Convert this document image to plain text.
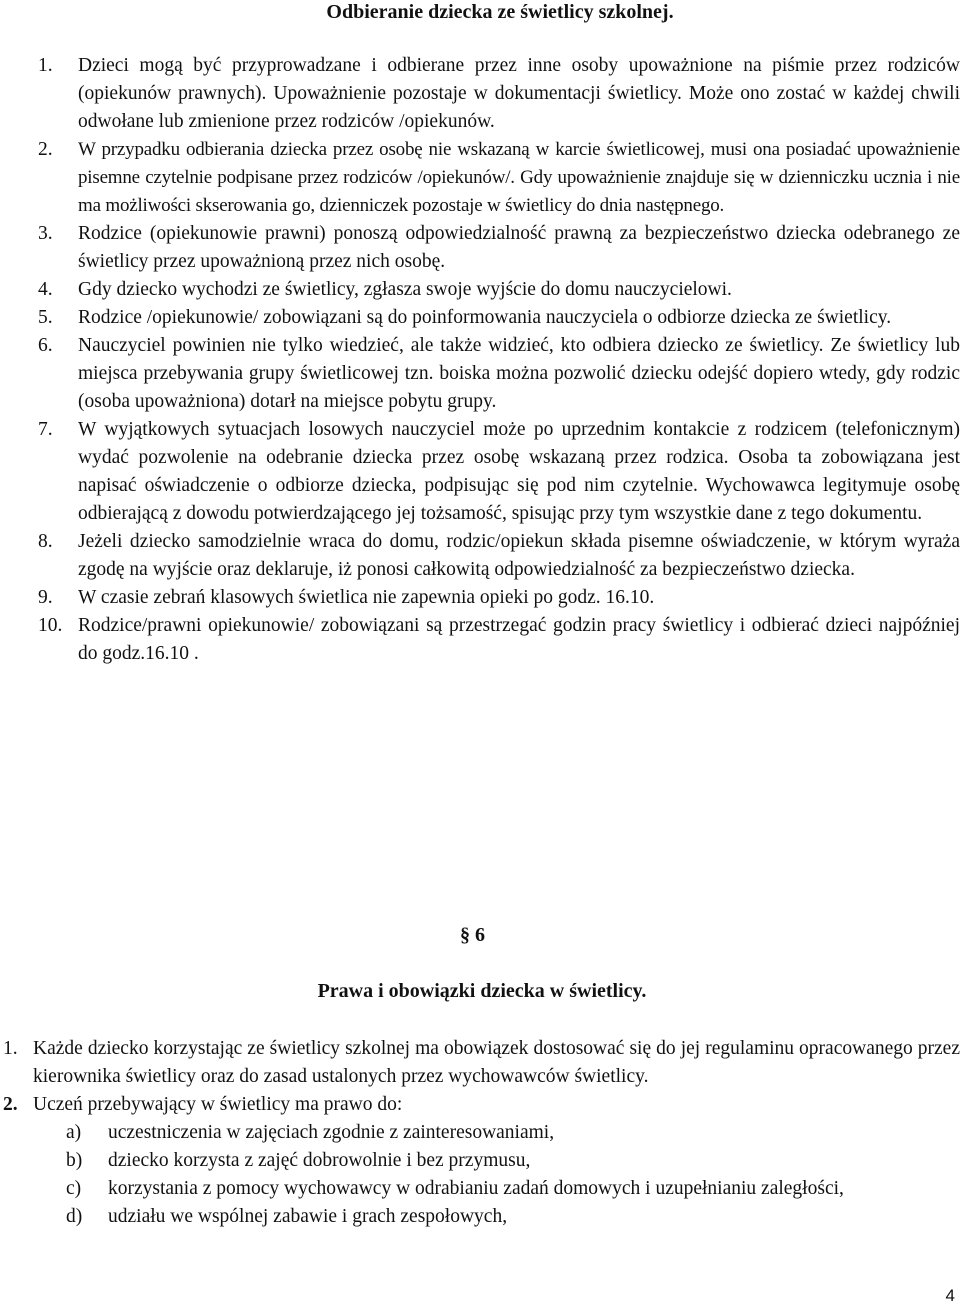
Odbieranie dziecka ze świetlicy szkolnej.
1. Dzieci mogą być przyprowadzane i odbierane przez inne osoby upoważnione na piśmie przez rodziców (opiekunów prawnych). Upoważnienie pozostaje w dokumentacji świetlicy. Może ono zostać w każdej chwili odwołane lub zmienione przez rodziców /opiekunów.
2. W przypadku odbierania dziecka przez osobę nie wskazaną w karcie świetlicowej, musi ona posiadać upoważnienie pisemne czytelnie podpisane przez rodziców /opiekunów/. Gdy upoważnienie znajduje się w dzienniczku ucznia i nie ma możliwości skserowania go, dzienniczek pozostaje w świetlicy do dnia następnego.
3. Rodzice (opiekunowie prawni) ponoszą odpowiedzialność prawną za bezpieczeństwo dziecka odebranego ze świetlicy przez upoważnioną przez nich osobę.
4. Gdy dziecko wychodzi ze świetlicy, zgłasza swoje wyjście do domu nauczycielowi.
5. Rodzice /opiekunowie/ zobowiązani są do poinformowania nauczyciela o odbiorze dziecka ze świetlicy.
6. Nauczyciel powinien nie tylko wiedzieć, ale także widzieć, kto odbiera dziecko ze świetlicy. Ze świetlicy lub miejsca przebywania grupy świetlicowej tzn. boiska można pozwolić dziecku odejść dopiero wtedy, gdy rodzic (osoba upoważniona) dotarł na miejsce pobytu grupy.
7. W wyjątkowych sytuacjach losowych nauczyciel może po uprzednim kontakcie z rodzicem (telefonicznym) wydać pozwolenie na odebranie dziecka przez osobę wskazaną przez rodzica. Osoba ta zobowiązana jest napisać oświadczenie o odbiorze dziecka, podpisując się pod nim czytelnie. Wychowawca legitymuje osobę odbierającą z dowodu potwierdzającego jej tożsamość, spisując przy tym wszystkie dane z tego dokumentu.
8. Jeżeli dziecko samodzielnie wraca do domu, rodzic/opiekun składa pisemne oświadczenie, w którym wyraża zgodę na wyjście oraz deklaruje, iż ponosi całkowitą odpowiedzialność za bezpieczeństwo dziecka.
9. W czasie zebrań klasowych świetlica nie zapewnia opieki po godz. 16.10.
10. Rodzice/prawni opiekunowie/ zobowiązani są przestrzegać godzin pracy świetlicy i odbierać dzieci najpóźniej do godz.16.10 .
§ 6
Prawa i obowiązki dziecka w świetlicy.
1. Każde dziecko korzystając ze świetlicy szkolnej ma obowiązek dostosować się do jej regulaminu opracowanego przez kierownika świetlicy oraz do zasad ustalonych przez wychowawców świetlicy.
2. Uczeń przebywający w świetlicy ma prawo do:
a) uczestniczenia w zajęciach zgodnie z zainteresowaniami,
b) dziecko korzysta z zajęć dobrowolnie i bez przymusu,
c) korzystania z pomocy wychowawcy w odrabianiu zadań domowych i uzupełnianiu zaległości,
d) udziału we wspólnej zabawie i grach zespołowych,
4
